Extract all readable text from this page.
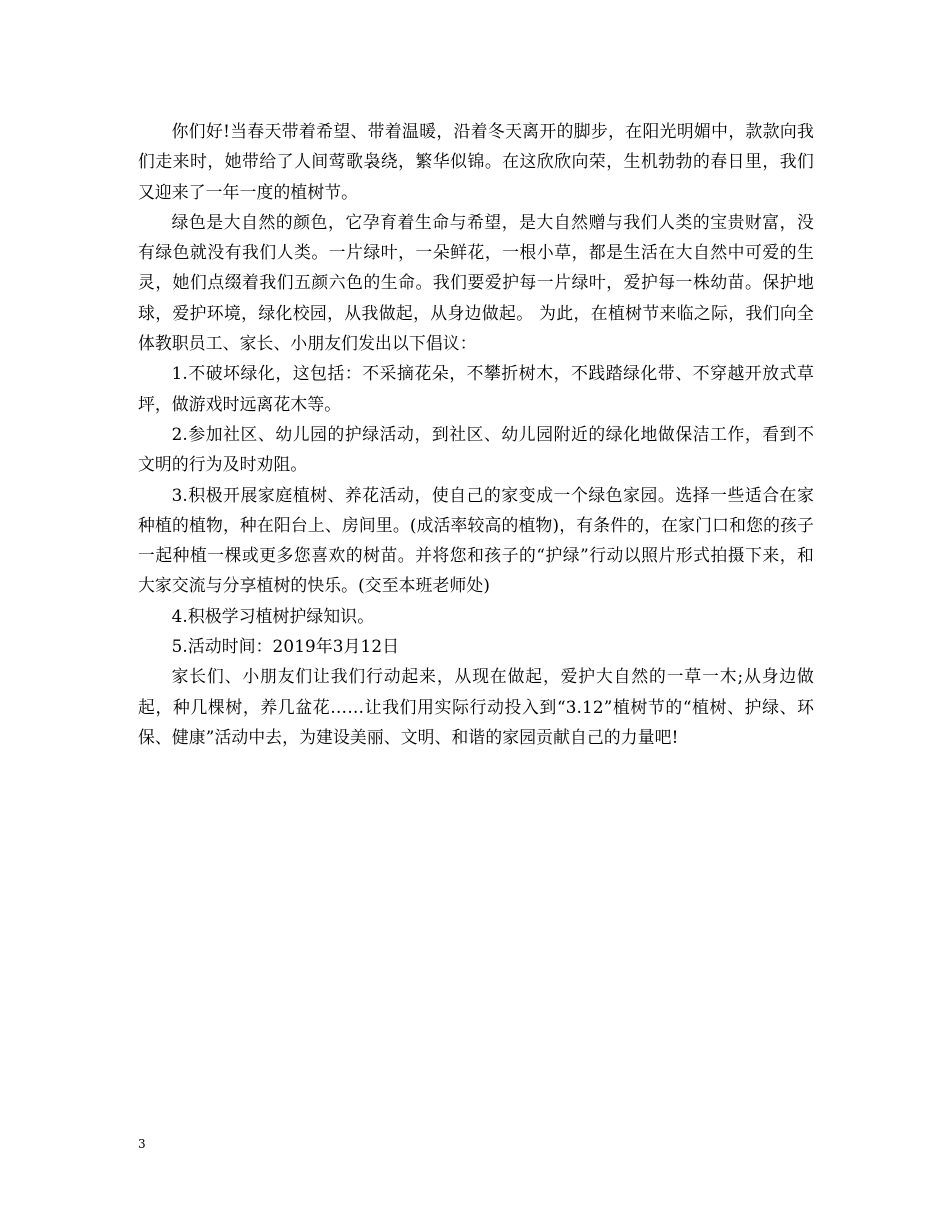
你们好!当春天带着希望、带着温暖，沿着冬天离开的脚步，在阳光明媚中，款款向我们走来时，她带给了人间莺歌袅绕，繁华似锦。在这欣欣向荣，生机勃勃的春日里，我们又迎来了一年一度的植树节。

绿色是大自然的颜色，它孕育着生命与希望，是大自然赠与我们人类的宝贵财富，没有绿色就没有我们人类。一片绿叶，一朵鲜花，一根小草，都是生活在大自然中可爱的生灵，她们点缀着我们五颜六色的生命。我们要爱护每一片绿叶，爱护每一株幼苗。保护地球，爱护环境，绿化校园，从我做起，从身边做起。 为此，在植树节来临之际，我们向全体教职员工、家长、小朋友们发出以下倡议：

1.不破坏绿化，这包括：不采摘花朵，不攀折树木，不践踏绿化带、不穿越开放式草坪，做游戏时远离花木等。

2.参加社区、幼儿园的护绿活动，到社区、幼儿园附近的绿化地做保洁工作，看到不文明的行为及时劝阻。

3.积极开展家庭植树、养花活动，使自己的家变成一个绿色家园。选择一些适合在家种植的植物，种在阳台上、房间里。(成活率较高的植物)，有条件的，在家门口和您的孩子一起种植一棵或更多您喜欢的树苗。并将您和孩子的“护绿”行动以照片形式拍摄下来，和大家交流与分享植树的快乐。(交至本班老师处)

4.积极学习植树护绿知识。

5.活动时间：2019年3月12日

家长们、小朋友们让我们行动起来，从现在做起，爱护大自然的一草一木;从身边做起，种几棵树，养几盆花……让我们用实际行动投入到“3.12”植树节的“植树、护绿、环保、健康”活动中去，为建设美丽、文明、和谐的家园贡献自己的力量吧!

3
